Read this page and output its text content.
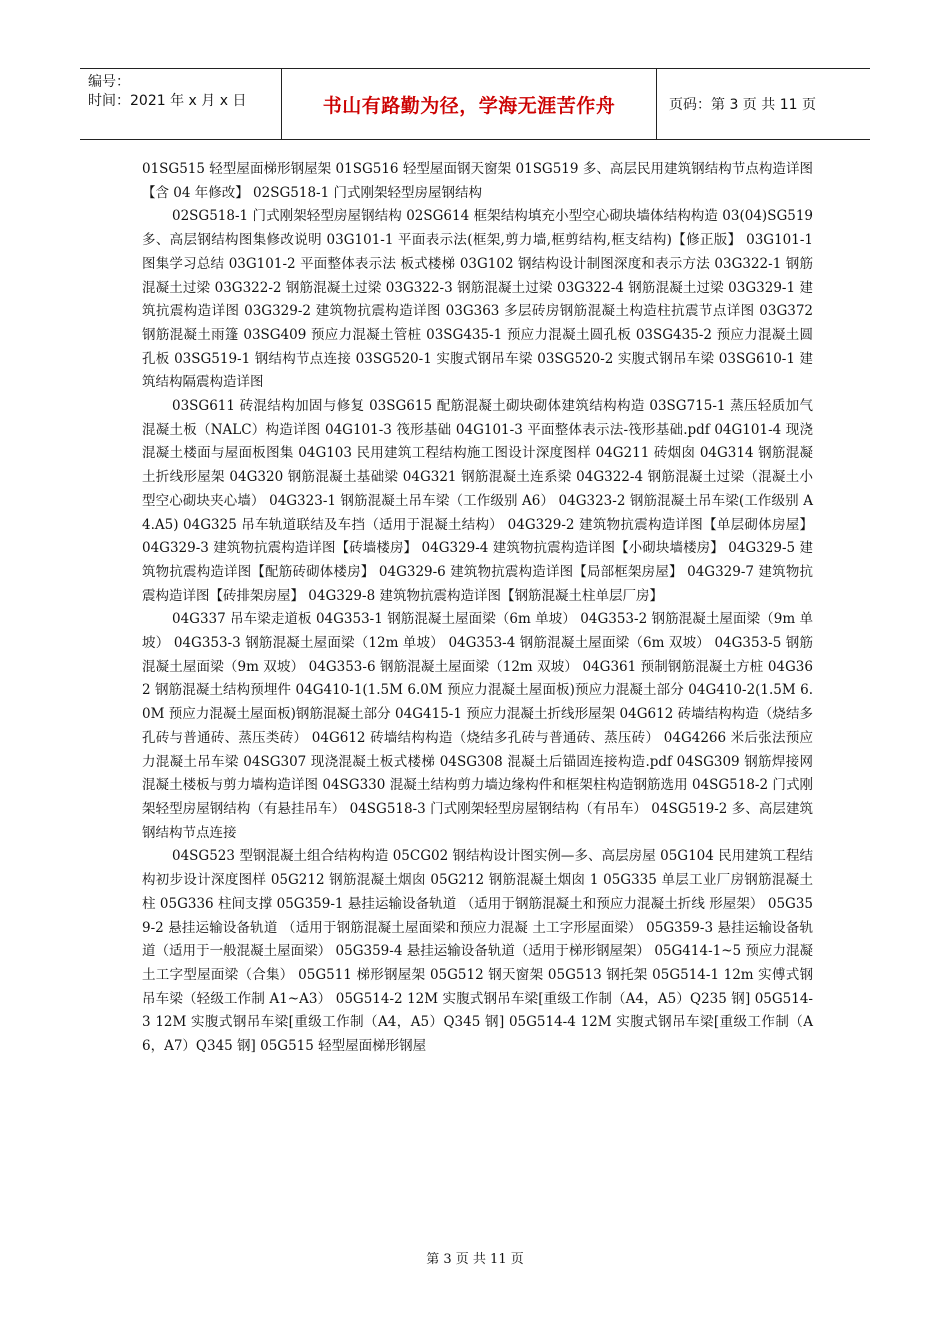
编号：
时间：2021 年 x 月 x 日	书山有路勤为径，学海无涯苦作舟	页码：第 3 页 共 11 页

01SG515 轻型屋面梯形钢屋架 01SG516 轻型屋面钢天窗架 01SG519 多、高层民用建筑钢结构节点构造详图【含 04 年修改】 02SG518-1 门式刚架轻型房屋钢结构

02SG518-1 门式刚架轻型房屋钢结构 02SG614 框架结构填充小型空心砌块墙体结构构造 03(04)SG519 多、高层钢结构图集修改说明 03G101-1 平面表示法(框架,剪力墙,框剪结构,框支结构)【修正版】 03G101-1 图集学习总结 03G101-2 平面整体表示法 板式楼梯 03G102 钢结构设计制图深度和表示方法 03G322-1 钢筋混凝土过梁 03G322-2 钢筋混凝土过梁 03G322-3 钢筋混凝土过梁 03G322-4 钢筋混凝土过梁 03G329-1 建筑抗震构造详图 03G329-2 建筑物抗震构造详图 03G363 多层砖房钢筋混凝土构造柱抗震节点详图 03G372 钢筋混凝土雨篷 03SG409 预应力混凝土管桩 03SG435-1 预应力混凝土圆孔板 03SG435-2 预应力混凝土圆孔板 03SG519-1 钢结构节点连接 03SG520-1 实腹式钢吊车梁 03SG520-2 实腹式钢吊车梁 03SG610-1 建筑结构隔震构造详图

03SG611 砖混结构加固与修复 03SG615 配筋混凝土砌块砌体建筑结构构造 03SG715-1 蒸压轻质加气混凝土板（NALC）构造详图 04G101-3 筏形基础 04G101-3 平面整体表示法-筏形基础.pdf 04G101-4 现浇混凝土楼面与屋面板图集 04G103 民用建筑工程结构施工图设计深度图样 04G211 砖烟囱 04G314 钢筋混凝土折线形屋架 04G320 钢筋混凝土基础梁 04G321 钢筋混凝土连系梁 04G322-4 钢筋混凝土过梁（混凝土小型空心砌块夹心墙） 04G323-1 钢筋混凝土吊车梁（工作级别 A6） 04G323-2 钢筋混凝土吊车梁(工作级别 A4.A5) 04G325 吊车轨道联结及车挡（适用于混凝土结构） 04G329-2 建筑物抗震构造详图【单层砌体房屋】 04G329-3 建筑物抗震构造详图【砖墙楼房】 04G329-4 建筑物抗震构造详图【小砌块墙楼房】 04G329-5 建筑物抗震构造详图【配筋砖砌体楼房】 04G329-6 建筑物抗震构造详图【局部框架房屋】 04G329-7 建筑物抗震构造详图【砖排架房屋】 04G329-8 建筑物抗震构造详图【钢筋混凝土柱单层厂房】

04G337 吊车梁走道板 04G353-1 钢筋混凝土屋面梁（6m 单坡） 04G353-2 钢筋混凝土屋面梁（9m 单坡） 04G353-3 钢筋混凝土屋面梁（12m 单坡） 04G353-4 钢筋混凝土屋面梁（6m 双坡） 04G353-5 钢筋混凝土屋面梁（9m 双坡） 04G353-6 钢筋混凝土屋面梁（12m 双坡） 04G361 预制钢筋混凝土方桩 04G362 钢筋混凝土结构预埋件 04G410-1(1.5M 6.0M 预应力混凝土屋面板)预应力混凝土部分 04G410-2(1.5M 6.0M 预应力混凝土屋面板)钢筋混凝土部分 04G415-1 预应力混凝土折线形屋架 04G612 砖墙结构构造（烧结多孔砖与普通砖、蒸压类砖） 04G612 砖墙结构构造（烧结多孔砖与普通砖、蒸压砖） 04G4266 米后张法预应力混凝土吊车梁 04SG307 现浇混凝土板式楼梯 04SG308 混凝土后锚固连接构造.pdf 04SG309 钢筋焊接网混凝土楼板与剪力墙构造详图 04SG330 混凝土结构剪力墙边缘构件和框架柱构造钢筋选用 04SG518-2 门式刚架轻型房屋钢结构（有悬挂吊车） 04SG518-3 门式刚架轻型房屋钢结构（有吊车） 04SG519-2 多、高层建筑钢结构节点连接

04SG523 型钢混凝土组合结构构造 05CG02 钢结构设计图实例—多、高层房屋 05G104 民用建筑工程结构初步设计深度图样 05G212 钢筋混凝土烟囱 05G212 钢筋混凝土烟囱 1 05G335 单层工业厂房钢筋混凝土柱 05G336 柱间支撑 05G359-1 悬挂运输设备轨道 （适用于钢筋混凝土和预应力混凝土折线 形屋架） 05G359-2 悬挂运输设备轨道 （适用于钢筋混凝土屋面梁和预应力混凝 土工字形屋面梁） 05G359-3 悬挂运输设备轨道（适用于一般混凝土屋面梁） 05G359-4 悬挂运输设备轨道（适用于梯形钢屋架） 05G414-1~5 预应力混凝土工字型屋面梁（合集） 05G511 梯形钢屋架 05G512 钢天窗架 05G513 钢托架 05G514-1 12m 实傅式钢吊车梁（轻级工作制 A1~A3） 05G514-2 12M 实腹式钢吊车梁[重级工作制（A4，A5）Q235 钢] 05G514-3 12M 实腹式钢吊车梁[重级工作制（A4，A5）Q345 钢] 05G514-4 12M 实腹式钢吊车梁[重级工作制（A6，A7）Q345 钢] 05G515 轻型屋面梯形钢屋

第 3 页 共 11 页
